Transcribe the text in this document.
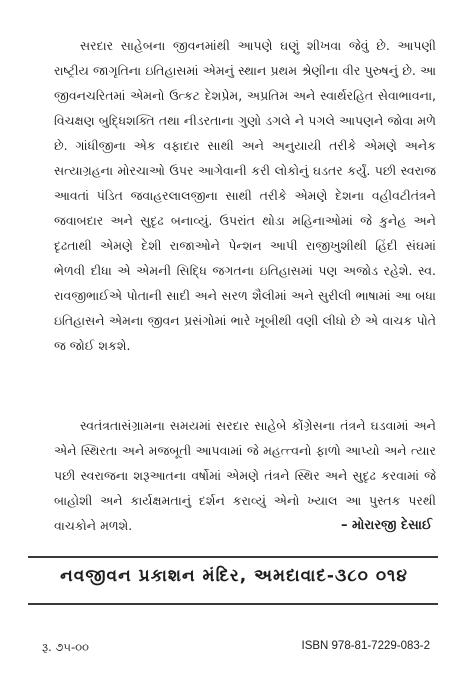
સરદાર સાહેબના જીવનમાંથી આપણે ઘણું શીખવા જેવું છે. આપણી રાષ્ટ્રીય જાગૃતિના ઇતિહાસમાં એમનું સ્થાન પ્રથમ શ્રેણીના વીર પુરુષનું છે. આ જીવનચરિતમાં એમનો ઉત્કટ દેશપ્રેમ, અપ્રતિમ અને સ્વાર્થરહિત સેવાભાવના, વિચક્ષણ બુદ્ધિશક્તિ તથા નીડરતાના ગુણો ડગલે ને પગલે આપણને જોવા મળે છે. ગાંધીજીના એક વફાદાર સાથી અને અનુયાયી તરીકે એમણે અનેક સત્યાગ્રહના મોરચાઓ ઉપર આગેવાની કરી લોકોનું ઘડતર કર્યું. પછી સ્વરાજ આવતાં પંડિત જવાહરલાલજીના સાથી તરીકે એમણે દેશના વહીવટીતંત્રને જવાબદાર અને સુદૃઢ બનાવ્યું. ઉપરાંત થોડા મહિનાઓમાં જે કુનેહ અને દૃઢતાથી એમણે દેશી રાજાઓને પેન્શન આપી રાજીખુશીથી હિંદી સંઘમાં ભેળવી દીધા એ એમની સિદ્ધિ જગતના ઇતિહાસમાં પણ અજોડ રહેશે. સ્વ. રાવજીભાઈએ પોતાની સાદી અને સરળ શૈલીમાં અને સુરીલી ભાષામાં આ બધા ઇતિહાસને એમના જીવન પ્રસંગોમાં ભારે ખૂબીથી વણી લીધો છે એ વાચક પોતે જ જોઈ શકશે.

સ્વતંત્રતાસંગ્રામના સમયમાં સરદાર સાહેબે કોંગ્રેસના તંત્રને ઘડવામાં અને એને સ્થિરતા અને મજબૂતી આપવામાં જે મહત્ત્વનો ફાળો આપ્યો અને ત્યાર પછી સ્વરાજના શરૂઆતના વર્ષોમાં એમણે તંત્રને સ્થિર અને સુદૃઢ કરવામાં જે બાહોશી અને કાર્યક્ષમતાનું દર્શન કરાવ્યું એનો ખ્યાલ આ પુસ્તક પરથી વાચકોને મળશે.	– મોરારજી દેસાઈ
નવજીવન પ્રકાશન મંદિર, અમદાવાદ-૩૮૦ ૦૧૪
રૂ. ૭૫-૦૦	ISBN 978-81-7229-083-2
